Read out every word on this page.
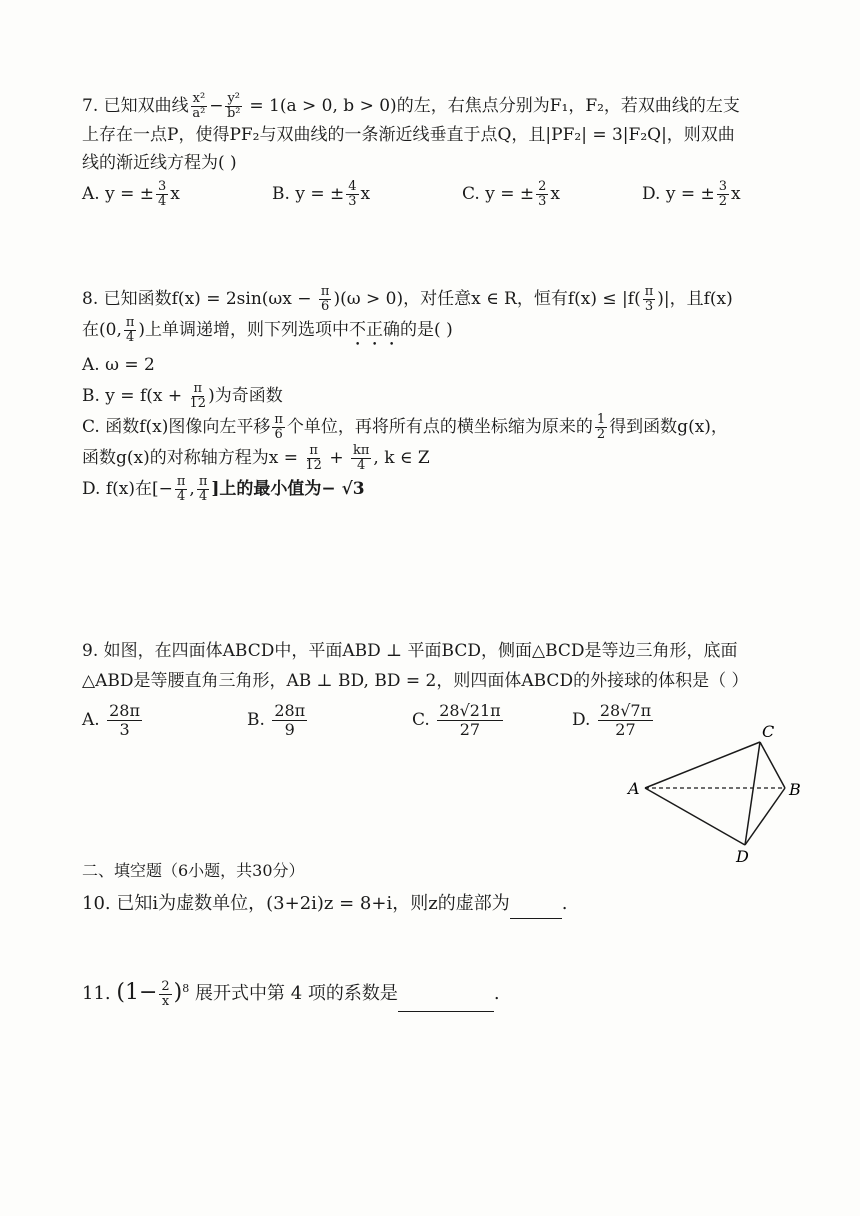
7. 已知双曲线 $\frac{\text{x²}}{\text{a²}} - \frac{\text{y²}}{\text{b²}} = 1(a > 0$, b > 0)的左，右焦点分别为F₁，F₂，若双曲线的左支
上存在一点P，使得PF₂与双曲线的一条渐近线垂直于点Q，且|PF₂| = 3|F₂Q|，则双曲
线的渐近线方程为( )
A. y = ± $\frac{3}{4}$ x	B. y = ± $\frac{4}{3}$ x	C. y = ± $\frac{2}{3}$ x	D. y = ± $\frac{3}{2}$ x
8. 已知函数$f(x) = 2\sin(\omega x - \frac{\pi}{6} )(\omega > 0)$，对任意x ∈ R，恒有$f(x) \le |f( \frac{\pi}{3}$ )|，且f(x)
在(0, $\frac{\pi}{4}$ )上单调递增，则下列选项中不正确的是( )
A. ω = 2
B. $y = f(x + \frac{\pi}{12}$ )为奇函数
C. 函数f(x)图像向左平移 $\frac{\pi}{6}$ 个单位，再将所有点的横坐标缩为原来的 $\frac{1}{2}$ 得到函数g(x)，
函数g(x)的对称轴方程为$x = \frac{\pi}{12} + \frac{k\pi}{4}$ , k ∈ Z
D. f(x)在[− $\frac{\pi}{4}$ , $\frac{\pi}{4}$ ]上的最小值为− √3
9. 如图，在四面体ABCD中，平面ABD ⊥ 平面BCD，侧面△BCD是等边三角形，底面
△ABD是等腰直角三角形，AB ⊥ BD, BD = 2，则四面体ABCD的外接球的体积是（ ）
A. $\frac{28\pi}{3}$	B. $\frac{28\pi}{9}$	C. $\frac{28√21\pi}{27}$	D. $\frac{28√7\pi}{27}$
A	B
C
D
二、填空题（6小题，共30分）
10. 已知i为虚数单位，(3+2i)z = 8+i，则z的虚部为	.
11. $(1- \frac{2}{x} )^8$ 展开式中第 4 项的系数是	.
